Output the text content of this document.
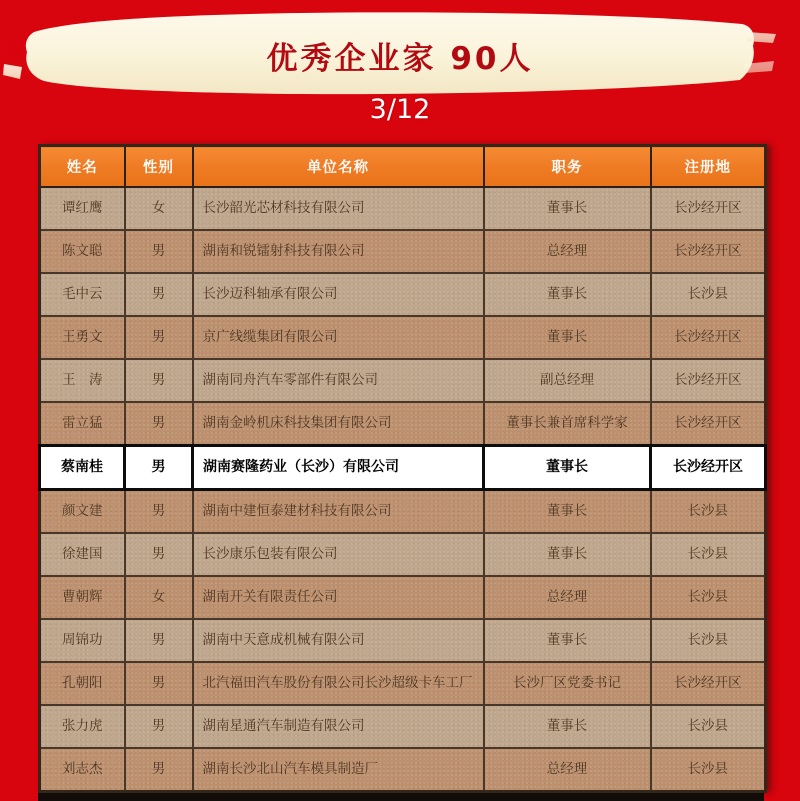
优秀企业家 90人
3/12
姓名	性别	单位名称	职务	注册地
谭红鹰	女	长沙韶光芯材科技有限公司	董事长	长沙经开区
陈文聪	男	湖南和锐镭射科技有限公司	总经理	长沙经开区
毛中云	男	长沙迈科轴承有限公司	董事长	长沙县
王勇文	男	京广线缆集团有限公司	董事长	长沙经开区
王　涛	男	湖南同舟汽车零部件有限公司	副总经理	长沙经开区
雷立猛	男	湖南金岭机床科技集团有限公司	董事长兼首席科学家	长沙经开区
蔡南桂	男	湖南赛隆药业（长沙）有限公司	董事长	长沙经开区
颜文建	男	湖南中建恒泰建材科技有限公司	董事长	长沙县
徐建国	男	长沙康乐包装有限公司	董事长	长沙县
曹朝辉	女	湖南开关有限责任公司	总经理	长沙县
周锦功	男	湖南中天意成机械有限公司	董事长	长沙县
孔朝阳	男	北汽福田汽车股份有限公司长沙超级卡车工厂	长沙厂区党委书记	长沙经开区
张力虎	男	湖南星通汽车制造有限公司	董事长	长沙县
刘志杰	男	湖南长沙北山汽车模具制造厂	总经理	长沙县
